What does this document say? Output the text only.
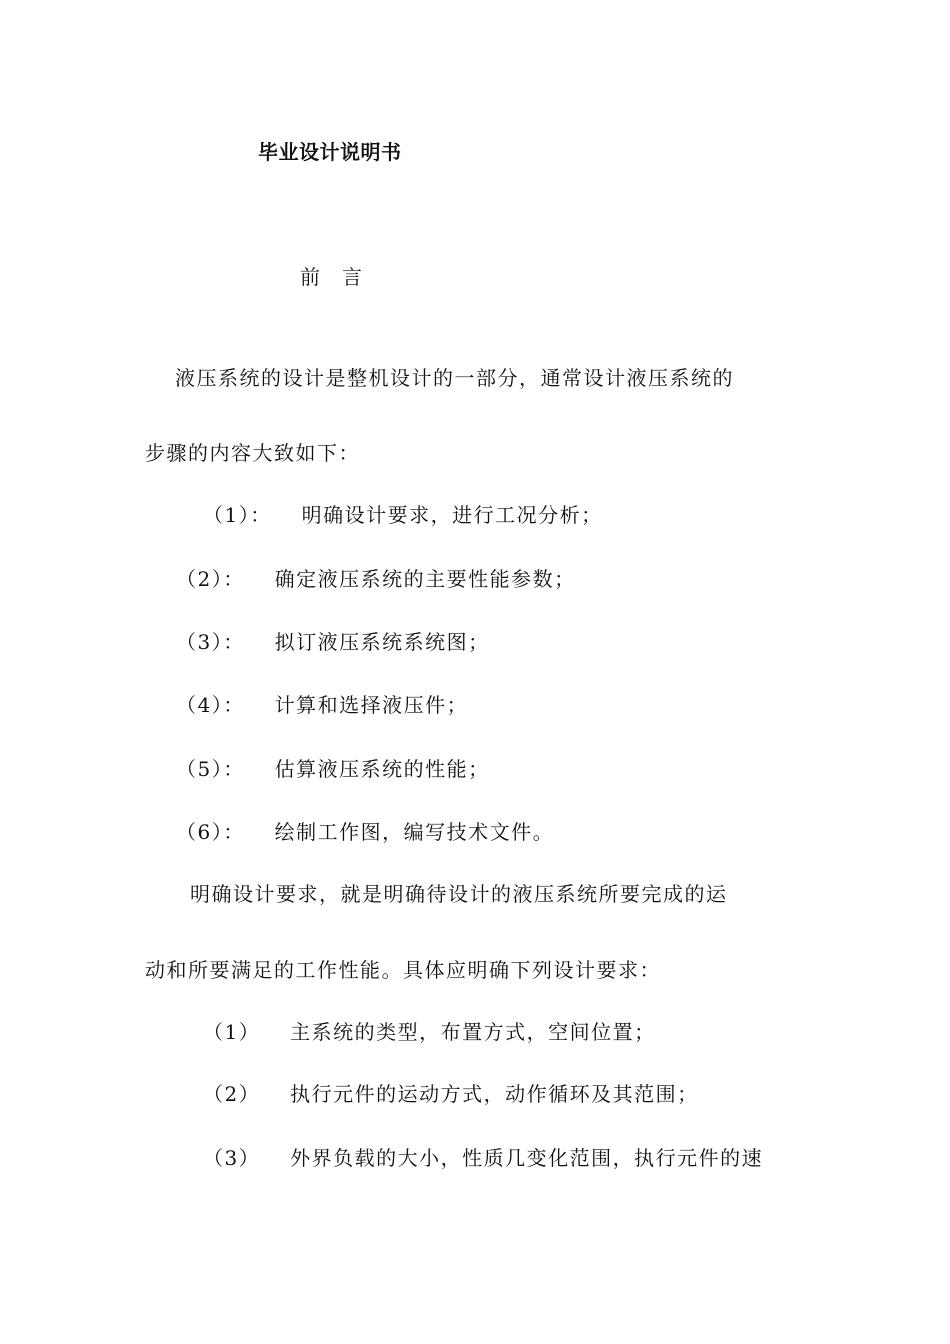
毕业设计说明书
前 言
液压系统的设计是整机设计的一部分，通常设计液压系统的
步骤的内容大致如下：
（1）： 明确设计要求，进行工况分析；
（2）： 确定液压系统的主要性能参数；
（3）： 拟订液压系统系统图；
（4）： 计算和选择液压件；
（5）： 估算液压系统的性能；
（6）： 绘制工作图，编写技术文件。
明确设计要求，就是明确待设计的液压系统所要完成的运
动和所要满足的工作性能。具体应明确下列设计要求：
（1） 主系统的类型，布置方式，空间位置；
（2） 执行元件的运动方式，动作循环及其范围；
（3） 外界负载的大小，性质几变化范围，执行元件的速
